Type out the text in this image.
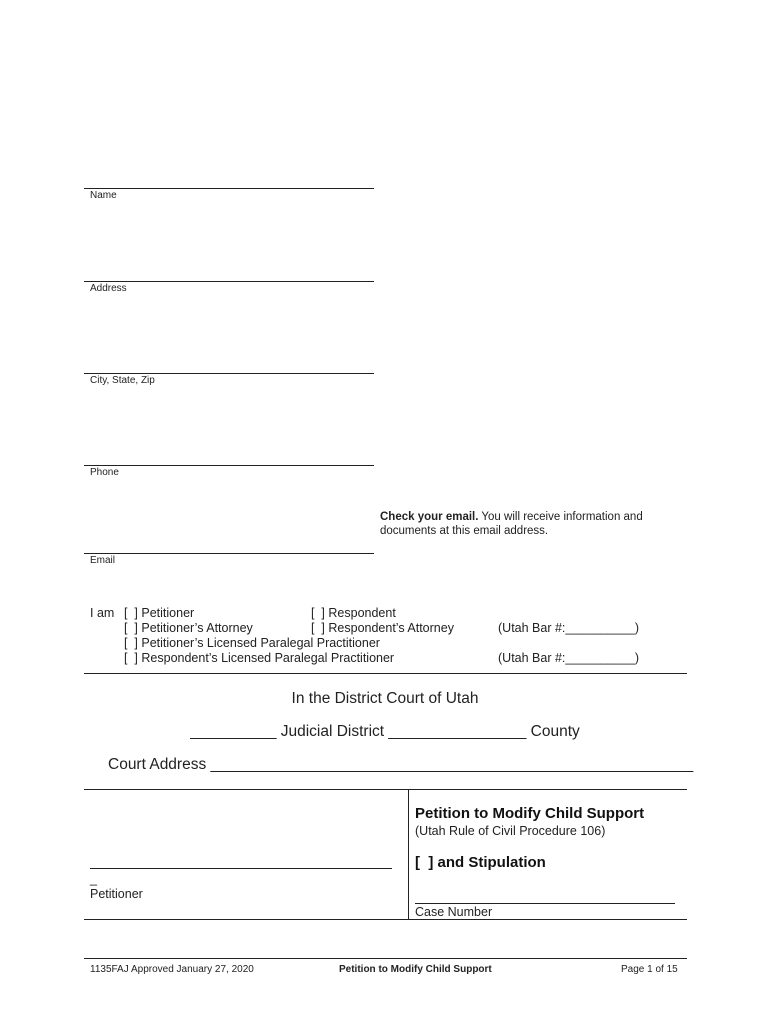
Name
Address
City, State, Zip
Phone
Check your email. You will receive information and
documents at this email address.
Email
I am [  ] Petitioner	[  ] Respondent
[  ] Petitioner’s Attorney	[  ] Respondent’s Attorney	(Utah Bar #:__________)
[  ] Petitioner’s Licensed Paralegal Practitioner
[  ] Respondent’s Licensed Paralegal Practitioner	(Utah Bar #:__________)
In the District Court of Utah
__________ Judicial District ________________ County
Court Address ________________________________________________________
_
Petitioner
Petition to Modify Child Support
(Utah Rule of Civil Procedure 106)
[  ] and Stipulation
Case Number
1135FAJ Approved January 27, 2020	Petition to Modify Child Support	Page 1 of 15
